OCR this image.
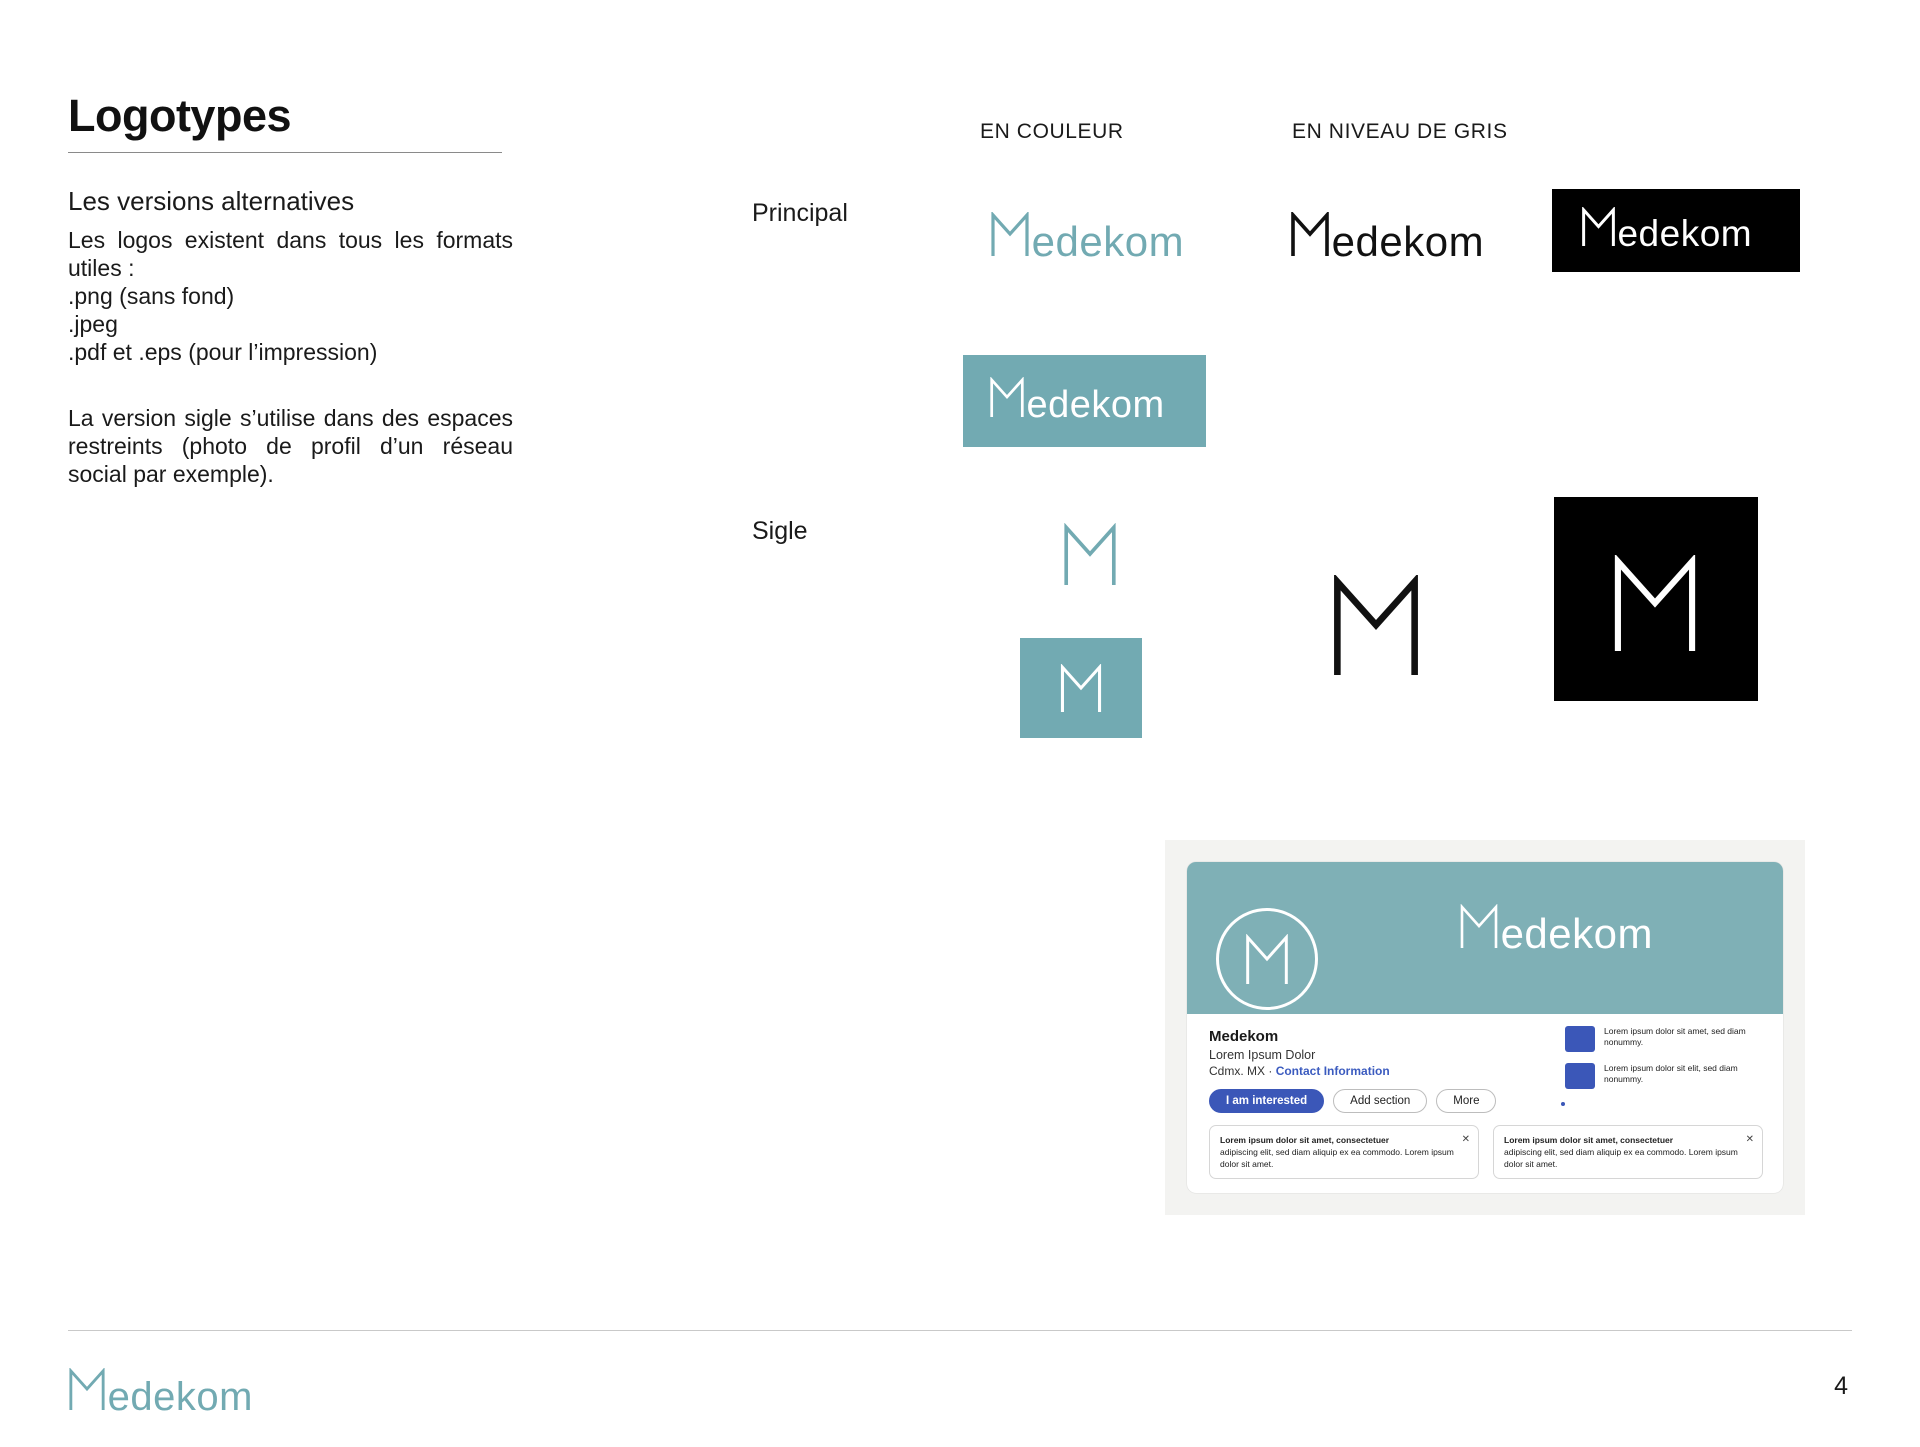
Logotypes
Les versions alternatives
Les logos existent dans tous les formats utiles :
.png (sans fond)
.jpeg
.pdf et .eps (pour l’impression)
La version sigle s’utilise dans des espaces restreints (photo de profil d’un réseau social par exemple).
EN COULEUR	EN NIVEAU DE GRIS
Principal
Sigle
edekom	edekom	edekom
edekom
edekom
Medekom
Lorem Ipsum Dolor
Cdmx. MX · Contact Information
I am interested	Add section	More
Lorem ipsum dolor sit amet, sed diam nonummy.
Lorem ipsum dolor sit elit, sed diam nonummy.
✕
Lorem ipsum dolor sit amet, consectetuer
adipiscing elit, sed diam aliquip ex ea commodo. Lorem ipsum dolor sit amet.
✕
Lorem ipsum dolor sit amet, consectetuer
adipiscing elit, sed diam aliquip ex ea commodo. Lorem ipsum dolor sit amet.
edekom	4
